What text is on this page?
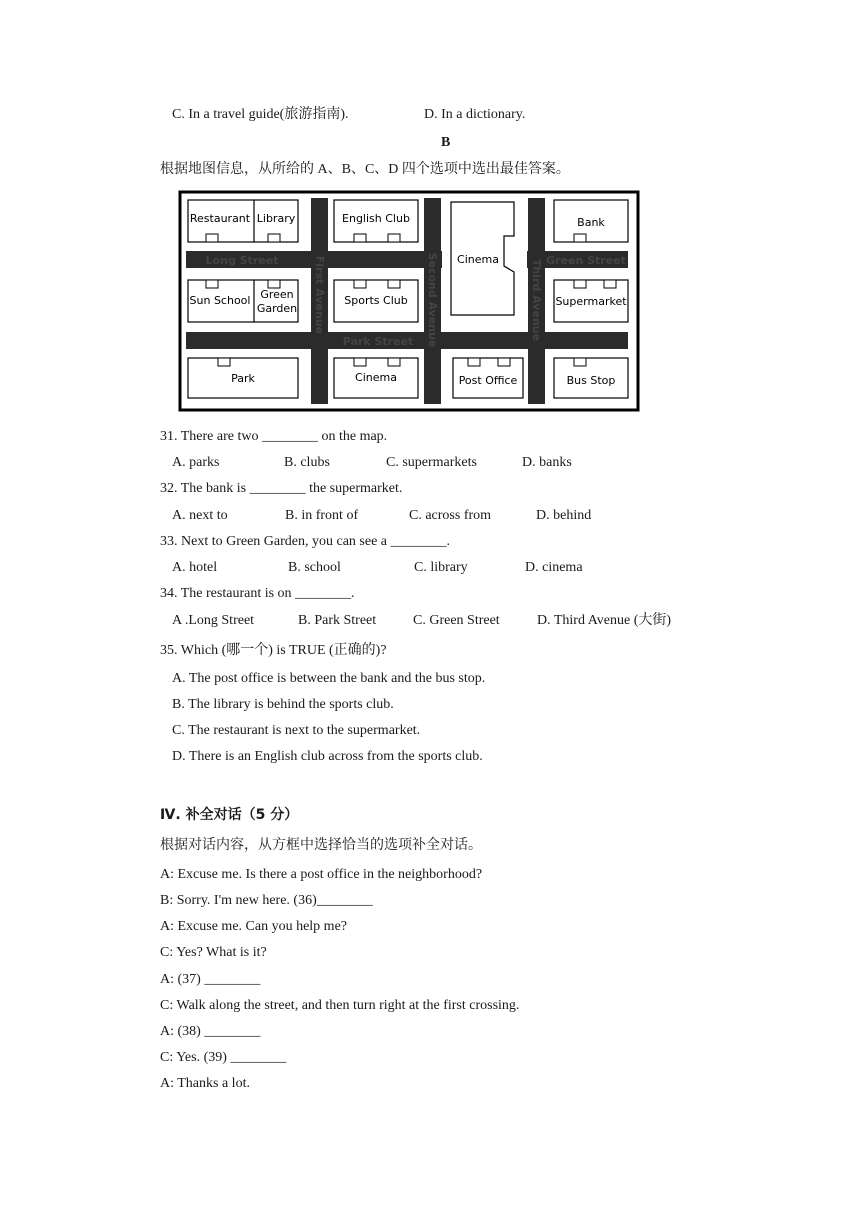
C. In a travel guide(旅游指南).	D. In a dictionary.
B
根据地图信息，从所给的 A、B、C、D 四个选项中选出最佳答案。
Restaurant Library	English Club
Cinema
Bank
Sun School Green
Garden
Sports Club	Supermarket
Park	Cinema	Post Office	Bus Stop
Long Street	Green Street
Park Street
First Avenue	Second Avenue	Third Avenue
31. There are two ________ on the map.
A. parks	B. clubs	C. supermarkets	D. banks
32. The bank is ________ the supermarket.
A. next to	B. in front of	C. across from	D. behind
33. Next to Green Garden, you can see a ________.
A. hotel	B. school	C. library	D. cinema
34. The restaurant is on ________.
A .Long Street	B. Park Street	C. Green Street	D. Third Avenue (大街)
35. Which (哪一个) is TRUE (正确的)?
A. The post office is between the bank and the bus stop.
B. The library is behind the sports club.
C. The restaurant is next to the supermarket.
D. There is an English club across from the sports club.
Ⅳ. 补全对话（5 分）
根据对话内容，从方框中选择恰当的选项补全对话。
A: Excuse me. Is there a post office in the neighborhood?
B: Sorry. I'm new here. (36)________
A: Excuse me. Can you help me?
C: Yes? What is it?
A: (37) ________
C: Walk along the street, and then turn right at the first crossing.
A: (38) ________
C: Yes. (39) ________
A: Thanks a lot.
